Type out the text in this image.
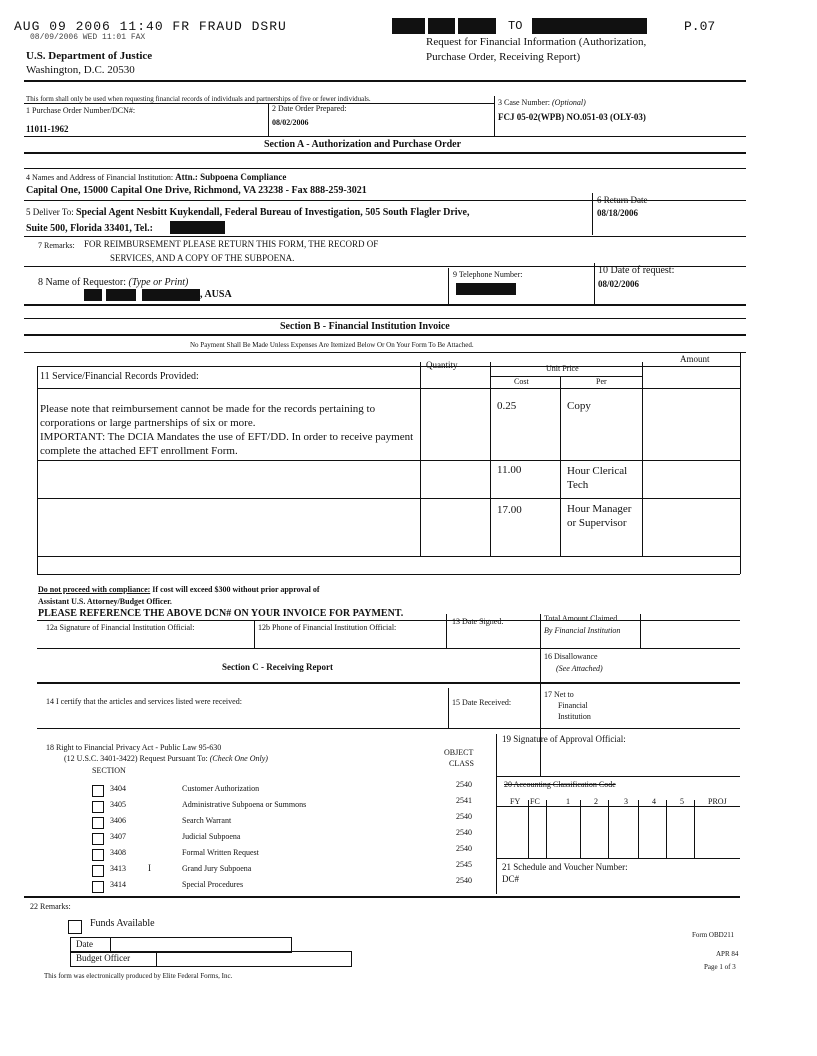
AUG 09 2006 11:40 FR FRAUD DSRU
08/09/2006 WED 11:01 FAX
TO	P.07
U.S. Department of Justice
Washington, D.C. 20530
Request for Financial Information (Authorization,
Purchase Order, Receiving Report)
This form shall only be used when requesting financial records of individuals and partnerships of five or fewer individuals.
1 Purchase Order Number/DCN#:
11011-1962
2 Date Order Prepared:
08/02/2006
3 Case Number: (Optional)
FCJ 05-02(WPB) NO.051-03 (OLY-03)
Section A - Authorization and Purchase Order
4 Names and Address of Financial Institution: Attn.: Subpoena Compliance
Capital One, 15000 Capital One Drive, Richmond, VA 23238 - Fax 888-259-3021
5 Deliver To: Special Agent Nesbitt Kuykendall, Federal Bureau of Investigation, 505 South Flagler Drive,
Suite 500, Florida 33401, Tel.:
6 Return Date
08/18/2006
7 Remarks: FOR REIMBURSEMENT PLEASE RETURN THIS FORM, THE RECORD OF
SERVICES, AND A COPY OF THE SUBPOENA.
8 Name of Requestor: (Type or Print)
, AUSA
9 Telephone Number:	10 Date of request:
08/02/2006
Section B - Financial Institution Invoice
No Payment Shall Be Made Unless Expenses Are Itemized Below Or On Your Form To Be Attached.
11 Service/Financial Records Provided:
Quantity	Unit Price
Amount
Cost	Per
Please note that reimbursement cannot be made for the records pertaining to corporations or large partnerships of six or more.
IMPORTANT: The DCIA Mandates the use of EFT/DD. In order to receive payment complete the attached EFT enrollment Form.
0.25	Copy
11.00	Hour Clerical Tech
17.00	Hour Manager or Supervisor
Do not proceed with compliance: If cost will exceed $300 without prior approval of
Assistant U.S. Attorney/Budget Officer.
PLEASE REFERENCE THE ABOVE DCN# ON YOUR INVOICE FOR PAYMENT.
12a Signature of Financial Institution Official:	12b Phone of Financial Institution Official:
13 Date Signed:	Total Amount Claimed
By Financial Institution
Section C - Receiving Report
16 Disallowance
(See Attached)
14 I certify that the articles and services listed were received:	15 Date Received:
17 Net to
Financial
Institution
18 Right to Financial Privacy Act - Public Law 95-630
(12 U.S.C. 3401-3422) Request Pursuant To: (Check One Only)
SECTION
OBJECT
CLASS
3404	Customer Authorization	2540
3405	Administrative Subpoena or Summons	2541
3406	Search Warrant	2540
3407	Judicial Subpoena	2540
3408	Formal Written Request	2540
3413 I	Grand Jury Subpoena	2545
3414	Special Procedures	2540
19 Signature of Approval Official:
20 Accounting Classification Code
FY FC	1	2	3	4	5	PROJ
21 Schedule and Voucher Number:
DC#
22 Remarks:
Funds Available
Date
Budget Officer
This form was electronically produced by Elite Federal Forms, Inc.
Form OBD211
APR 84
Page 1 of 3
